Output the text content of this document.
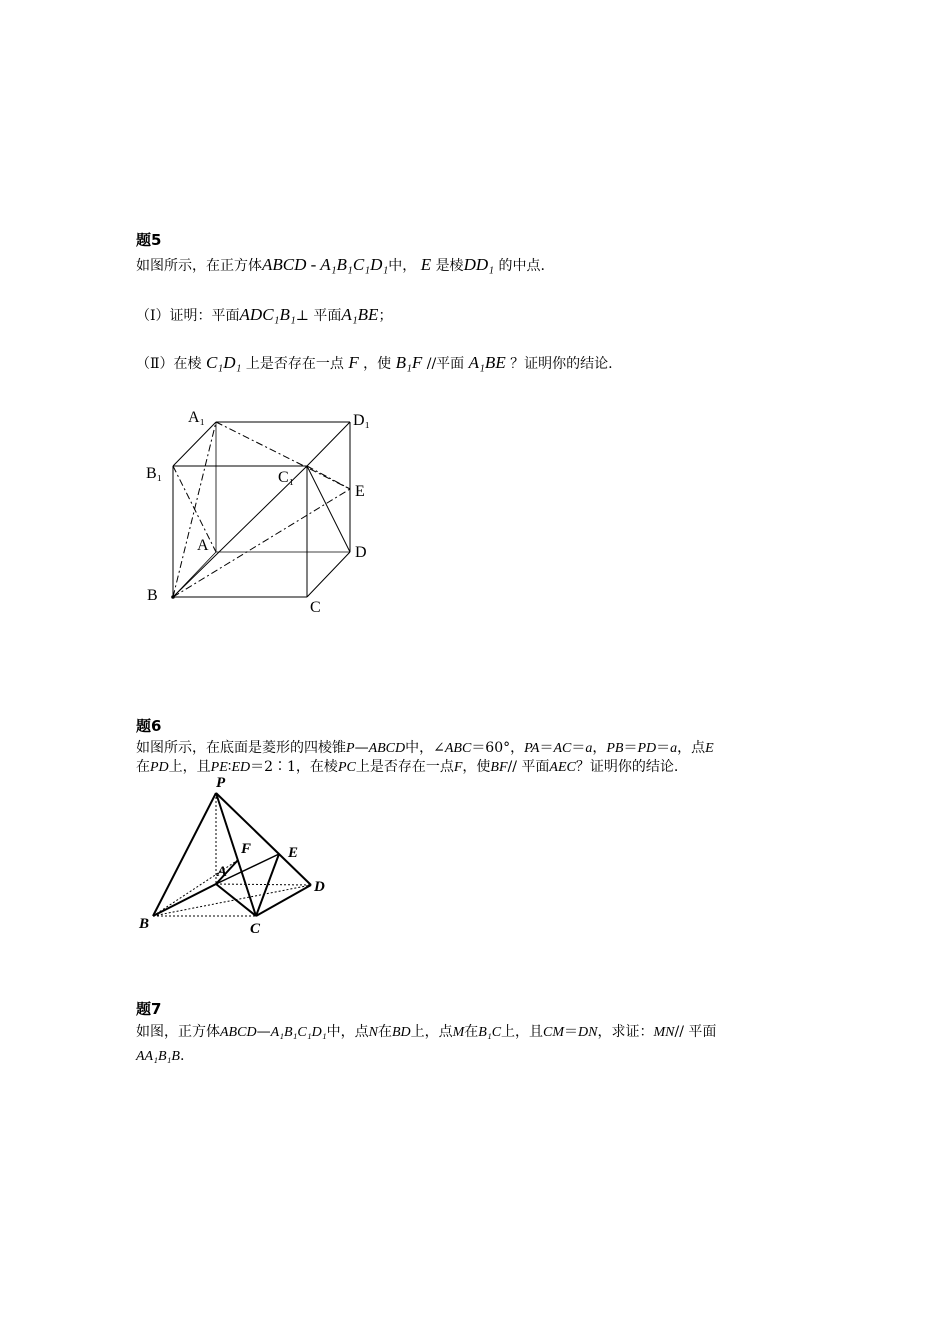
题5
如图所示，在正方体ABCD - A₁B₁C₁D₁中， E 是棱DD₁ 的中点.
（Ⅰ）证明：平面ADC₁B₁⊥ 平面A₁BE；
（Ⅱ）在棱 C₁D₁ 上是否存在一点 F ，使 B₁F //平面 A₁BE ？证明你的结论.
A₁	D₁
B₁	C₁
E
A	D
B
C
题6
如图所示，在底面是菱形的四棱锥P—ABCD中，∠ABC＝60°，PA＝AC＝a，PB＝PD＝a，点E
在PD上，且PE∶ED＝2∶1，在棱PC上是否存在一点F，使BF// 平面AEC？证明你的结论.
P
F E
A
D
B	C
题7
如图，正方体ABCD—A₁B₁C₁D₁中，点N在BD上，点M在B₁C上，且CM＝DN，求证：MN// 平面
AA₁B₁B.
